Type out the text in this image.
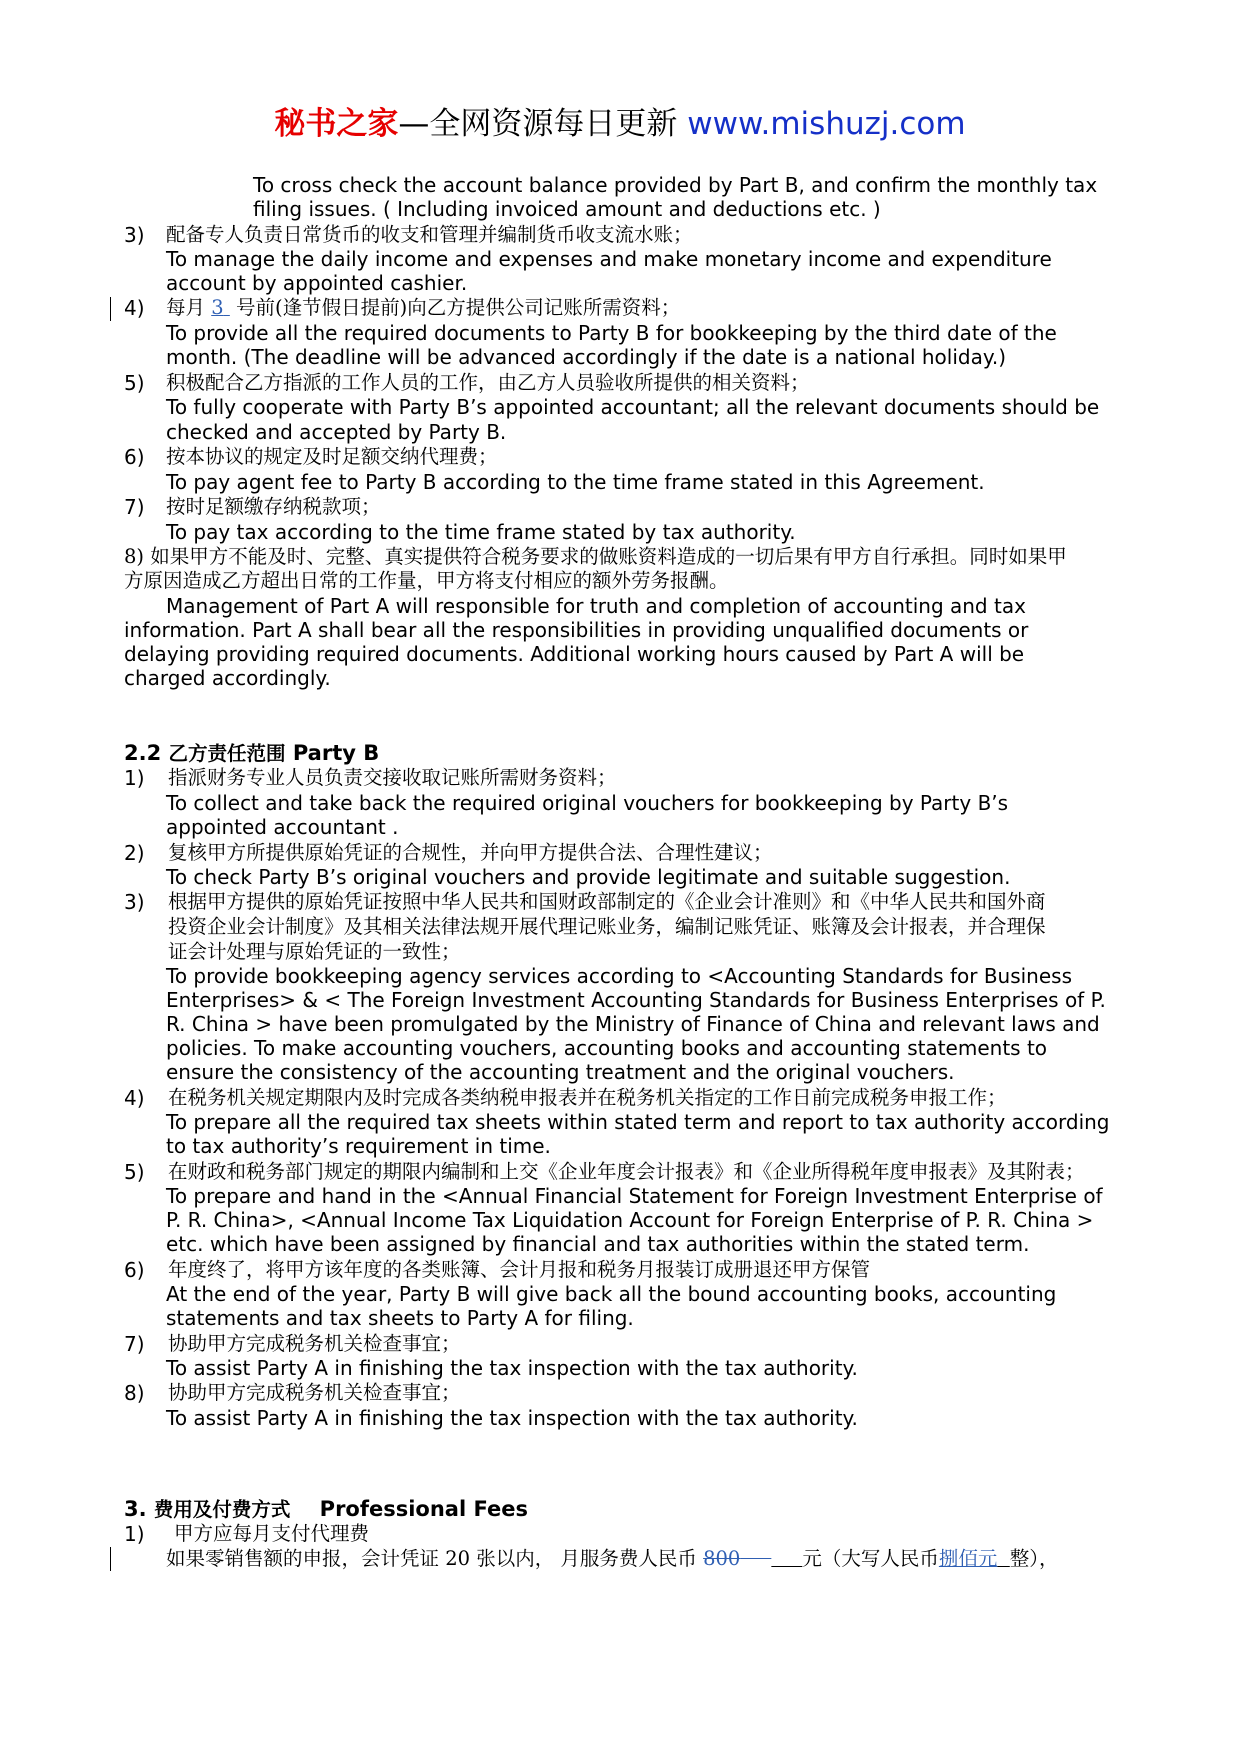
秘书之家—全网资源每日更新 www.mishuzj.com
To cross check the account balance provided by Part B, and confirm the monthly tax
filing issues. ( Including invoiced amount and deductions etc. )
3) 配备专人负责日常货币的收支和管理并编制货币收支流水账；
To manage the daily income and expenses and make monetary income and expenditure
account by appointed cashier.
4) 每月 3 号前(逢节假日提前)向乙方提供公司记账所需资料；
To provide all the required documents to Party B for bookkeeping by the third date of the
month. (The deadline will be advanced accordingly if the date is a national holiday.)
5) 积极配合乙方指派的工作人员的工作，由乙方人员验收所提供的相关资料；
To fully cooperate with Party B’s appointed accountant; all the relevant documents should be
checked and accepted by Party B.
6) 按本协议的规定及时足额交纳代理费；
To pay agent fee to Party B according to the time frame stated in this Agreement.
7) 按时足额缴存纳税款项；
To pay tax according to the time frame stated by tax authority.
8) 如果甲方不能及时、完整、真实提供符合税务要求的做账资料造成的一切后果有甲方自行承担。同时如果甲
方原因造成乙方超出日常的工作量，甲方将支付相应的额外劳务报酬。
Management of Part A will responsible for truth and completion of accounting and tax
information. Part A shall bear all the responsibilities in providing unqualified documents or
delaying providing required documents. Additional working hours caused by Part A will be
charged accordingly.
2.2 乙方责任范围 Party B
1) 指派财务专业人员负责交接收取记账所需财务资料；
To collect and take back the required original vouchers for bookkeeping by Party B’s
appointed accountant .
2) 复核甲方所提供原始凭证的合规性，并向甲方提供合法、合理性建议；
To check Party B’s original vouchers and provide legitimate and suitable suggestion.
3) 根据甲方提供的原始凭证按照中华人民共和国财政部制定的《企业会计准则》和《中华人民共和国外商
投资企业会计制度》及其相关法律法规开展代理记账业务，编制记账凭证、账簿及会计报表，并合理保
证会计处理与原始凭证的一致性；
To provide bookkeeping agency services according to <Accounting Standards for Business
Enterprises> & < The Foreign Investment Accounting Standards for Business Enterprises of P.
R. China > have been promulgated by the Ministry of Finance of China and relevant laws and
policies. To make accounting vouchers, accounting books and accounting statements to
ensure the consistency of the accounting treatment and the original vouchers.
4) 在税务机关规定期限内及时完成各类纳税申报表并在税务机关指定的工作日前完成税务申报工作；
To prepare all the required tax sheets within stated term and report to tax authority according
to tax authority’s requirement in time.
5) 在财政和税务部门规定的期限内编制和上交《企业年度会计报表》和《企业所得税年度申报表》及其附表；
To prepare and hand in the <Annual Financial Statement for Foreign Investment Enterprise of
P. R. China>, <Annual Income Tax Liquidation Account for Foreign Enterprise of P. R. China >
etc. which have been assigned by financial and tax authorities within the stated term.
6) 年度终了，将甲方该年度的各类账簿、会计月报和税务月报装订成册退还甲方保管
At the end of the year, Party B will give back all the bound accounting books, accounting
statements and tax sheets to Party A for filing.
7) 协助甲方完成税务机关检查事宜；
To assist Party A in finishing the tax inspection with the tax authority.
8) 协助甲方完成税务机关检查事宜；
To assist Party A in finishing the tax inspection with the tax authority.
3. 费用及付费方式 Professional Fees
1) 甲方应每月支付代理费
如果零销售额的申报，会计凭证 20 张以内， 月服务费人民币 800	元（大写人民币捌佰元 整），
